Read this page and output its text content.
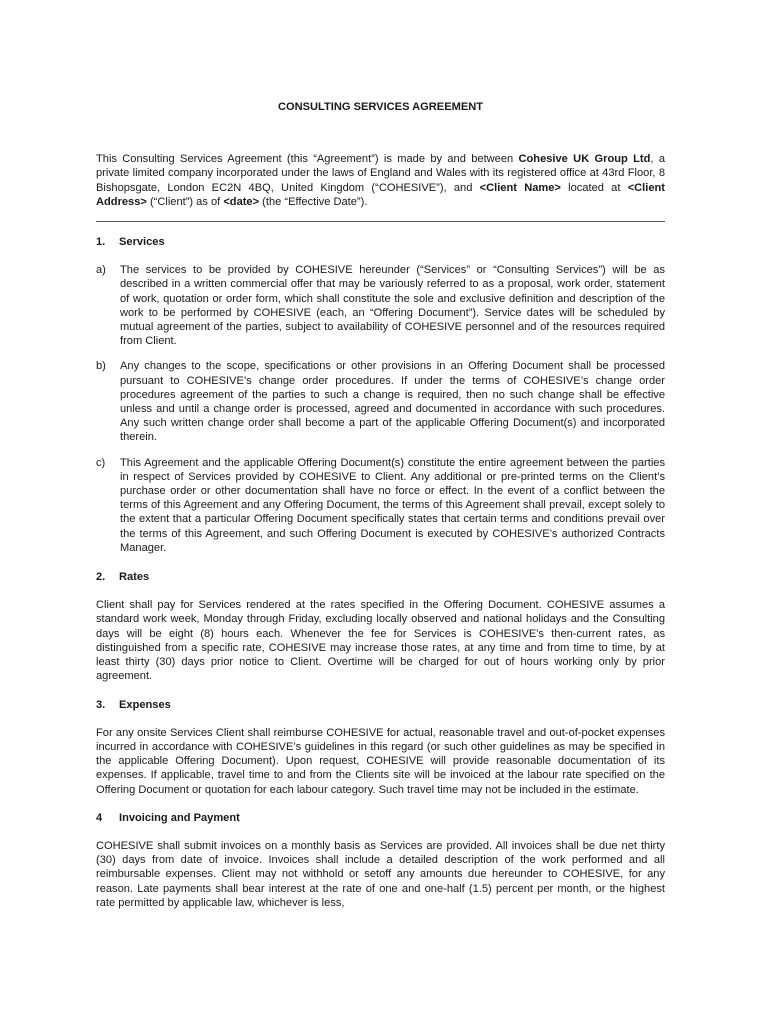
CONSULTING SERVICES AGREEMENT

This Consulting Services Agreement (this “Agreement”) is made by and between Cohesive UK Group Ltd, a private limited company incorporated under the laws of England and Wales with its registered office at 43rd Floor, 8 Bishopsgate, London EC2N 4BQ, United Kingdom (“COHESIVE”), and <Client Name> located at <Client Address> (“Client”) as of <date> (the “Effective Date”).

1.	Services
a)	The services to be provided by COHESIVE hereunder (“Services” or “Consulting Services”) will be as described in a written commercial offer that may be variously referred to as a proposal, work order, statement of work, quotation or order form, which shall constitute the sole and exclusive definition and description of the work to be performed by COHESIVE (each, an “Offering Document”). Service dates will be scheduled by mutual agreement of the parties, subject to availability of COHESIVE personnel and of the resources required from Client.
b)	Any changes to the scope, specifications or other provisions in an Offering Document shall be processed pursuant to COHESIVE’s change order procedures. If under the terms of COHESIVE’s change order procedures agreement of the parties to such a change is required, then no such change shall be effective unless and until a change order is processed, agreed and documented in accordance with such procedures. Any such written change order shall become a part of the applicable Offering Document(s) and incorporated therein.
c)	This Agreement and the applicable Offering Document(s) constitute the entire agreement between the parties in respect of Services provided by COHESIVE to Client. Any additional or pre-printed terms on the Client’s purchase order or other documentation shall have no force or effect. In the event of a conflict between the terms of this Agreement and any Offering Document, the terms of this Agreement shall prevail, except solely to the extent that a particular Offering Document specifically states that certain terms and conditions prevail over the terms of this Agreement, and such Offering Document is executed by COHESIVE’s authorized Contracts Manager.
2.	Rates

Client shall pay for Services rendered at the rates specified in the Offering Document. COHESIVE assumes a standard work week, Monday through Friday, excluding locally observed and national holidays and the Consulting days will be eight (8) hours each. Whenever the fee for Services is COHESIVE's then-current rates, as distinguished from a specific rate, COHESIVE may increase those rates, at any time and from time to time, by at least thirty (30) days prior notice to Client. Overtime will be charged for out of hours working only by prior agreement.

3.	Expenses

For any onsite Services Client shall reimburse COHESIVE for actual, reasonable travel and out-of-pocket expenses incurred in accordance with COHESIVE’s guidelines in this regard (or such other guidelines as may be specified in the applicable Offering Document). Upon request, COHESIVE will provide reasonable documentation of its expenses. If applicable, travel time to and from the Clients site will be invoiced at the labour rate specified on the Offering Document or quotation for each labour category. Such travel time may not be included in the estimate.

4	Invoicing and Payment

COHESIVE shall submit invoices on a monthly basis as Services are provided. All invoices shall be due net thirty (30) days from date of invoice. Invoices shall include a detailed description of the work performed and all reimbursable expenses. Client may not withhold or setoff any amounts due hereunder to COHESIVE, for any reason. Late payments shall bear interest at the rate of one and one-half (1.5) percent per month, or the highest rate permitted by applicable law, whichever is less,
